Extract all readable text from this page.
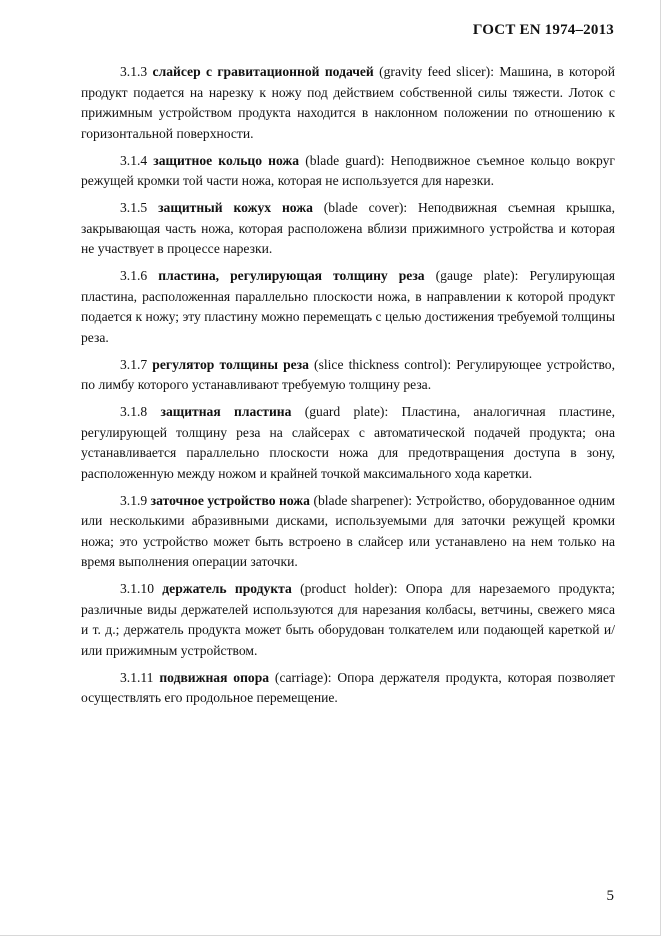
ГОСТ EN 1974–2013

3.1.3 слайсер с гравитационной подачей (gravity feed slicer): Машина, в которой продукт подается на нарезку к ножу под действием собственной силы тяжести. Лоток с прижимным устройством продукта находится в наклонном положении по отношению к горизонтальной поверхности.

3.1.4 защитное кольцо ножа (blade guard): Неподвижное съемное кольцо вокруг режущей кромки той части ножа, которая не используется для нарезки.

3.1.5 защитный кожух ножа (blade cover): Неподвижная съемная крышка, закрывающая часть ножа, которая расположена вблизи прижимного устройства и которая не участвует в процессе нарезки.

3.1.6 пластина, регулирующая толщину реза (gauge plate): Регулирующая пластина, расположенная параллельно плоскости ножа, в направлении к которой продукт подается к ножу; эту пластину можно перемещать с целью достижения требуемой толщины реза.

3.1.7 регулятор толщины реза (slice thickness control): Регулирующее устройство, по лимбу которого устанавливают требуемую толщину реза.

3.1.8 защитная пластина (guard plate): Пластина, аналогичная пластине, регулирующей толщину реза на слайсерах с автоматической подачей продукта; она устанавливается параллельно плоскости ножа для предотвращения доступа в зону, расположенную между ножом и крайней точкой максимального хода каретки.

3.1.9 заточное устройство ножа (blade sharpener): Устройство, оборудованное одним или несколькими абразивными дисками, используемыми для заточки режущей кромки ножа; это устройство может быть встроено в слайсер или устанавлено на нем только на время выполнения операции заточки.

3.1.10 держатель продукта (product holder): Опора для нарезаемого продукта; различные виды держателей используются для нарезания колбасы, ветчины, свежего мяса и т. д.; держатель продукта может быть оборудован толкателем или подающей кареткой и/или прижимным устройством.

3.1.11 подвижная опора (carriage): Опора держателя продукта, которая позволяет осуществлять его продольное перемещение.

5
